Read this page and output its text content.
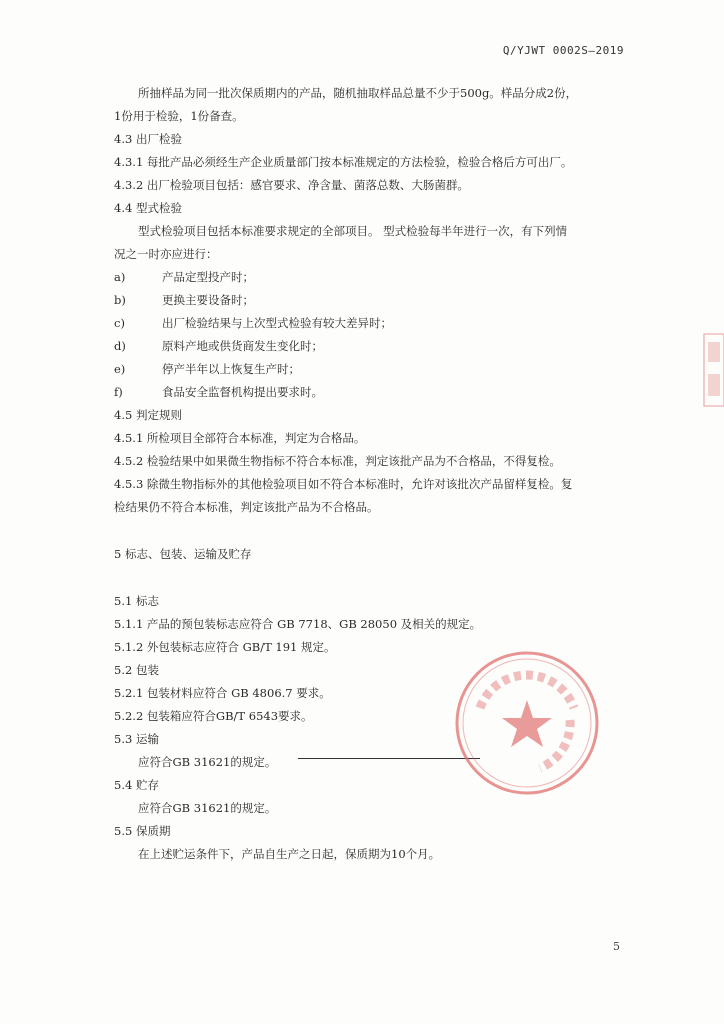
Q/YJWT 0002S—2019

所抽样品为同一批次保质期内的产品，随机抽取样品总量不少于500g。样品分成2份，

1份用于检验，1份备查。

4.3 出厂检验

4.3.1 每批产品必须经生产企业质量部门按本标准规定的方法检验，检验合格后方可出厂。

4.3.2 出厂检验项目包括：感官要求、净含量、菌落总数、大肠菌群。

4.4 型式检验

型式检验项目包括本标准要求规定的全部项目。 型式检验每半年进行一次，有下列情

况之一时亦应进行：

a)	产品定型投产时；
b)	更换主要设备时；
c)	出厂检验结果与上次型式检验有较大差异时；
d)	原料产地或供货商发生变化时；
e)	停产半年以上恢复生产时；
f)	食品安全监督机构提出要求时。

4.5 判定规则

4.5.1 所检项目全部符合本标准，判定为合格品。

4.5.2 检验结果中如果微生物指标不符合本标准，判定该批产品为不合格品，不得复检。

4.5.3 除微生物指标外的其他检验项目如不符合本标准时，允许对该批次产品留样复检。复

检结果仍不符合本标准，判定该批产品为不合格品。

5 标志、包装、运输及贮存

5.1 标志

5.1.1 产品的预包装标志应符合 GB 7718、GB 28050 及相关的规定。

5.1.2 外包装标志应符合 GB/T 191 规定。

5.2 包装

5.2.1 包装材料应符合 GB 4806.7 要求。

5.2.2 包装箱应符合GB/T 6543要求。

5.3 运输

应符合GB 31621的规定。

5.4 贮存

应符合GB 31621的规定。

5.5 保质期

在上述贮运条件下，产品自生产之日起，保质期为10个月。

5
